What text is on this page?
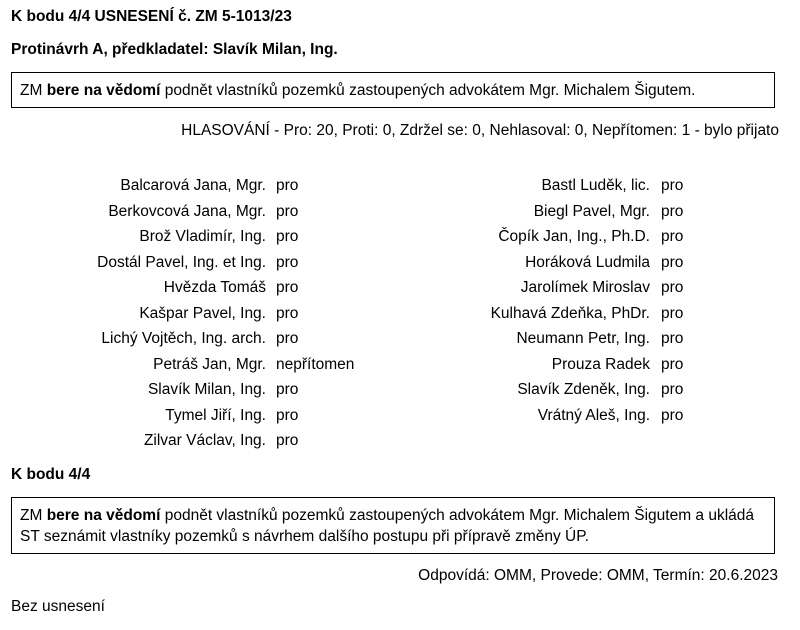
K bodu 4/4 USNESENÍ č. ZM 5-1013/23
Protinávrh A, předkladatel: Slavík Milan, Ing.
ZM bere na vědomí podnět vlastníků pozemků zastoupených advokátem Mgr. Michalem Šigutem.
HLASOVÁNÍ - Pro: 20, Proti: 0, Zdržel se: 0, Nehlasoval: 0, Nepřítomen: 1 - bylo přijato
Balcarová Jana, Mgr. pro	Bastl Luděk, lic. pro
Berkovcová Jana, Mgr. pro	Biegl Pavel, Mgr. pro
Brož Vladimír, Ing. pro	Čopík Jan, Ing., Ph.D. pro
Dostál Pavel, Ing. et Ing. pro	Horáková Ludmila pro
Hvězda Tomáš pro	Jarolímek Miroslav pro
Kašpar Pavel, Ing. pro	Kulhavá Zdeňka, PhDr. pro
Lichý Vojtěch, Ing. arch. pro	Neumann Petr, Ing. pro
Petráš Jan, Mgr. nepřítomen	Prouza Radek pro
Slavík Milan, Ing. pro	Slavík Zdeněk, Ing. pro
Tymel Jiří, Ing. pro	Vrátný Aleš, Ing. pro
Zilvar Václav, Ing. pro
K bodu 4/4
ZM bere na vědomí podnět vlastníků pozemků zastoupených advokátem Mgr. Michalem Šigutem a ukládá ST seznámit vlastníky pozemků s návrhem dalšího postupu při přípravě změny ÚP.
Odpovídá: OMM, Provede: OMM, Termín: 20.6.2023
Bez usnesení
